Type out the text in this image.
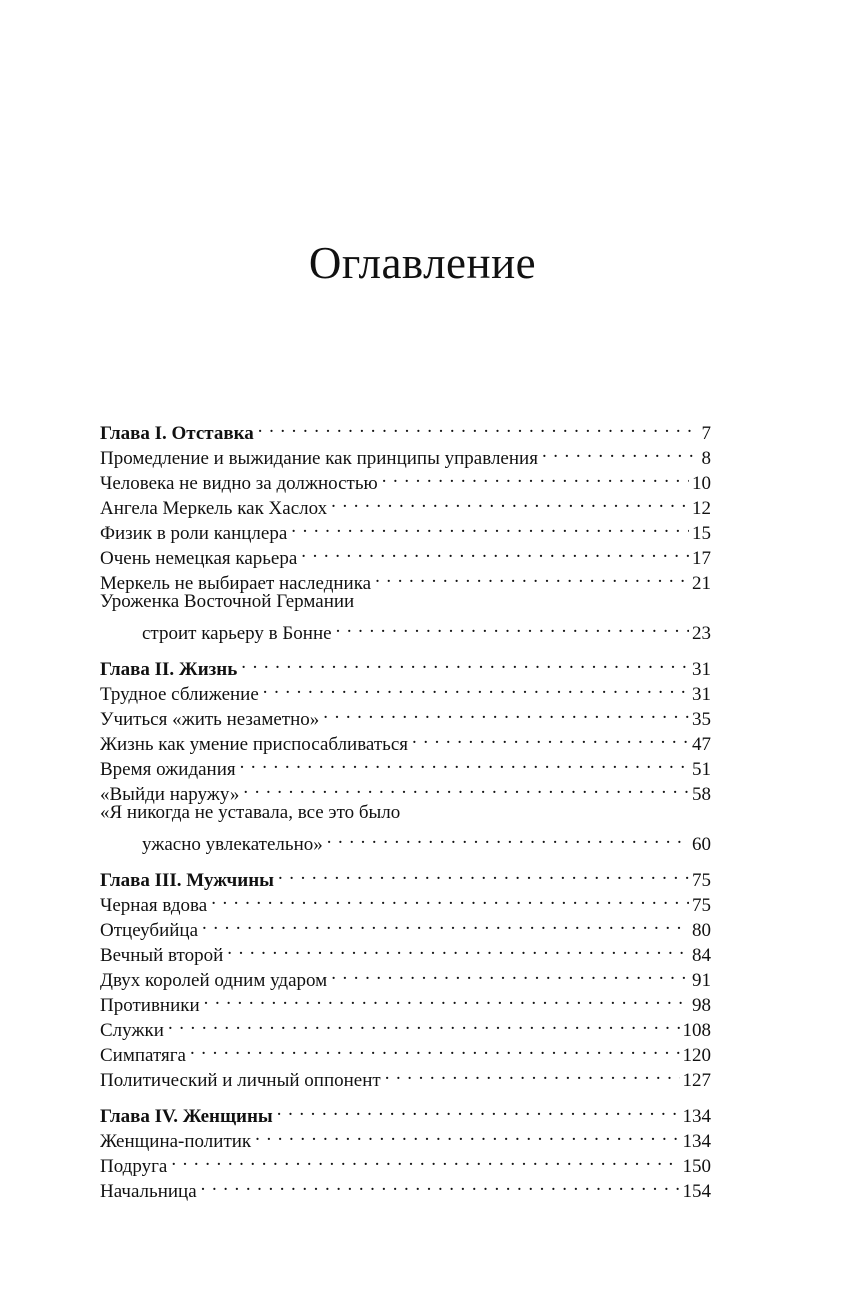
Оглавление
Глава I. Отставка . . .	7
Промедление и выжидание как принципы управления . . .	8
Человека не видно за должностью . . .	10
Ангела Меркель как Хаслох . . .	12
Физик в роли канцлера . . .	15
Очень немецкая карьера . . .	17
Меркель не выбирает наследника . . .	21
Уроженка Восточной Германии
строит карьеру в Бонне . . .	23
Глава II. Жизнь . . .	31
Трудное сближение . . .	31
Учиться «жить незаметно» . . .	35
Жизнь как умение приспосабливаться . . .	47
Время ожидания . . .	51
«Выйди наружу» . . .	58
«Я никогда не уставала, все это было
ужасно увлекательно» . . .	60
Глава III. Мужчины . . .	75
Черная вдова . . .	75
Отцеубийца . . .	80
Вечный второй . . .	84
Двух королей одним ударом . . .	91
Противники . . .	98
Служки . . .	108
Симпатяга . . .	120
Политический и личный оппонент . . .	127
Глава IV. Женщины . . .	134
Женщина-политик . . .	134
Подруга . . .	150
Начальница . . .	154
